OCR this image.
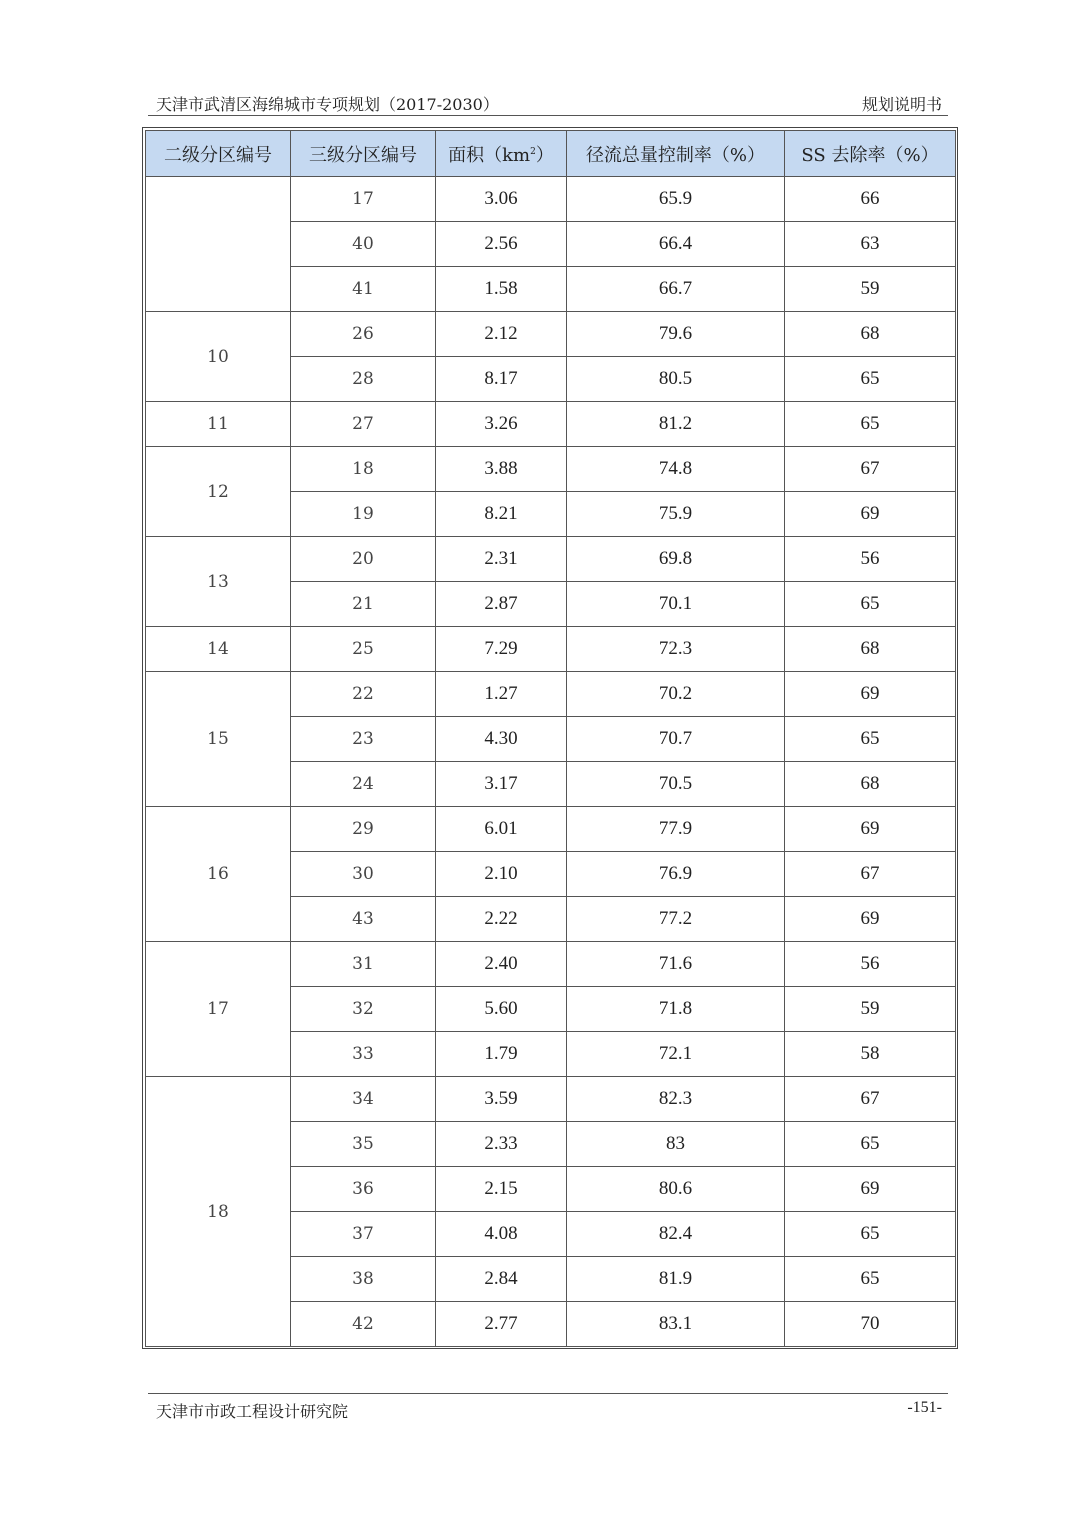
天津市武清区海绵城市专项规划（2017-2030）	规划说明书
二级分区编号	三级分区编号	面积$(km^2)$	径流总量控制率（%）	SS 去除率（%）
	17	3.06	65.9	66
	40	2.56	66.4	63
	41	1.58	66.7	59
10	26	2.12	79.6	68
	28	8.17	80.5	65
11	27	3.26	81.2	65
12	18	3.88	74.8	67
	19	8.21	75.9	69
13	20	2.31	69.8	56
	21	2.87	70.1	65
14	25	7.29	72.3	68
15	22	1.27	70.2	69
	23	4.30	70.7	65
	24	3.17	70.5	68
16	29	6.01	77.9	69
	30	2.10	76.9	67
	43	2.22	77.2	69
17	31	2.40	71.6	56
	32	5.60	71.8	59
	33	1.79	72.1	58
18	34	3.59	82.3	67
	35	2.33	83	65
	36	2.15	80.6	69
	37	4.08	82.4	65
	38	2.84	81.9	65
	42	2.77	83.1	70
天津市市政工程设计研究院	-151-
